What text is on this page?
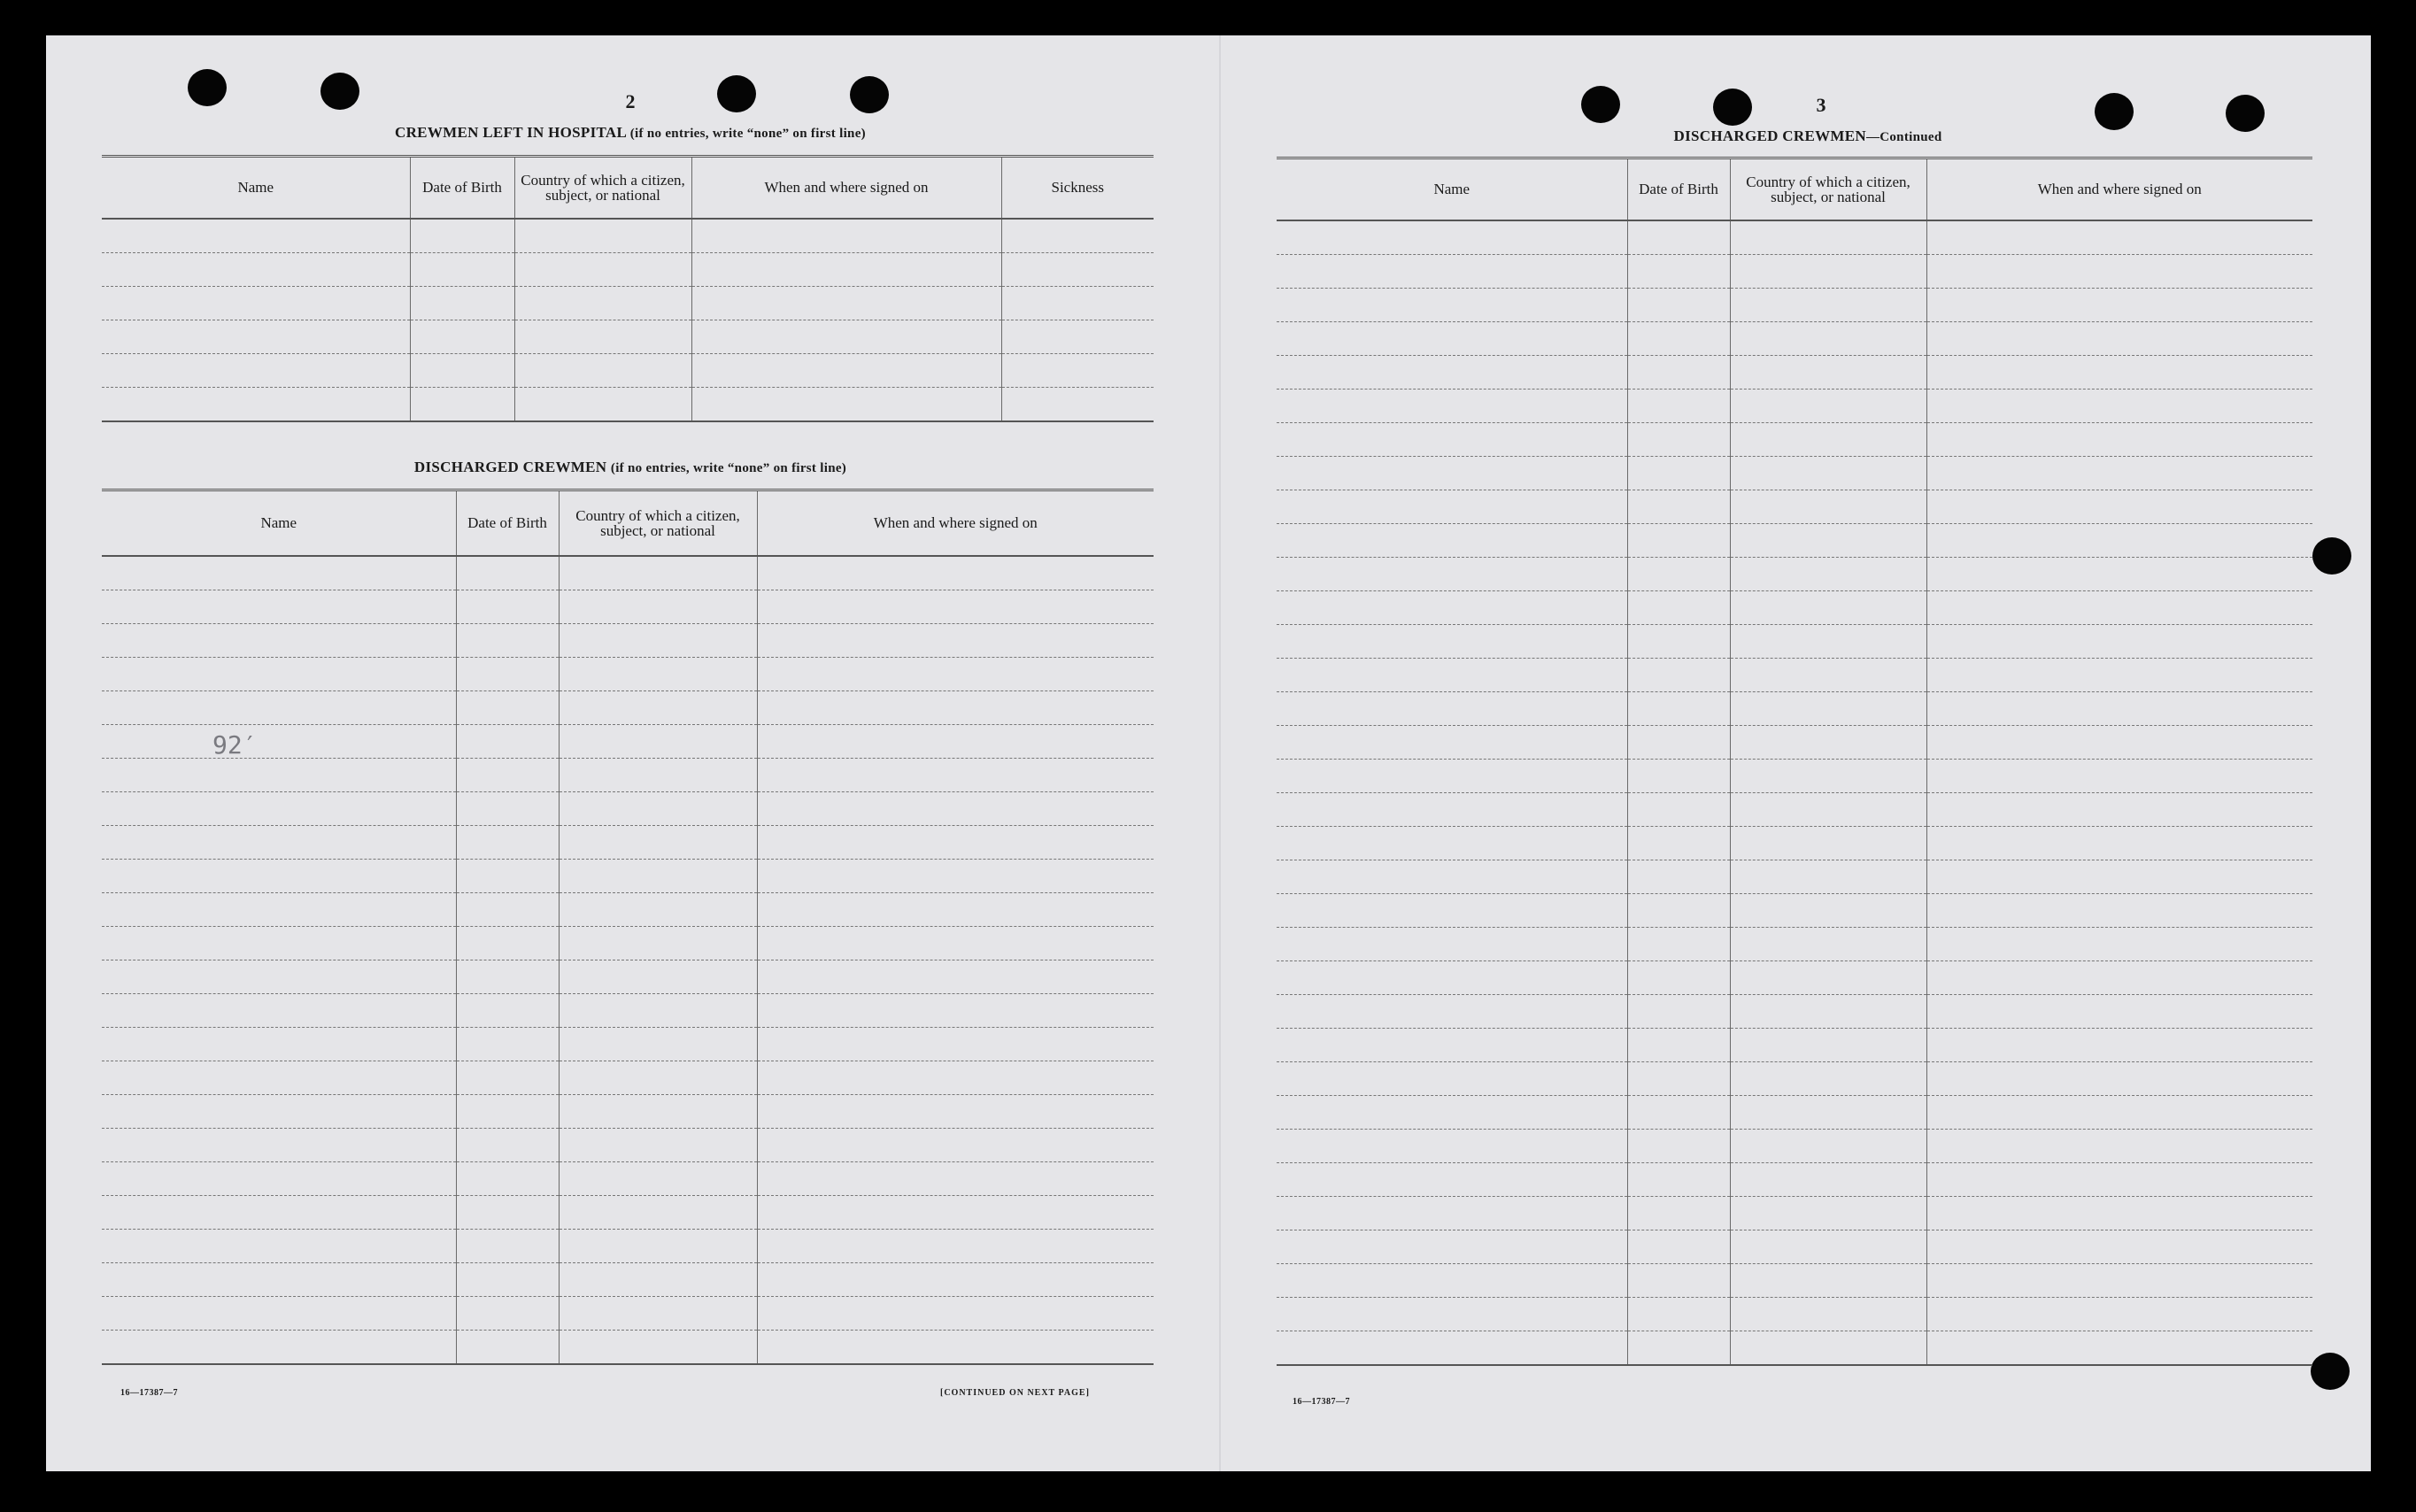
2
CREWMEN LEFT IN HOSPITAL (if no entries, write “none” on first line)
Name	Date of Birth	Country of which a citizen, subject, or national	When and where signed on	Sickness

DISCHARGED CREWMEN (if no entries, write “none” on first line)
Name	Date of Birth	Country of which a citizen, subject, or national	When and where signed on

92′
16—17387—7	[CONTINUED ON NEXT PAGE]
3
DISCHARGED CREWMEN—Continued
Name	Date of Birth	Country of which a citizen, subject, or national	When and where signed on

16—17387—7
